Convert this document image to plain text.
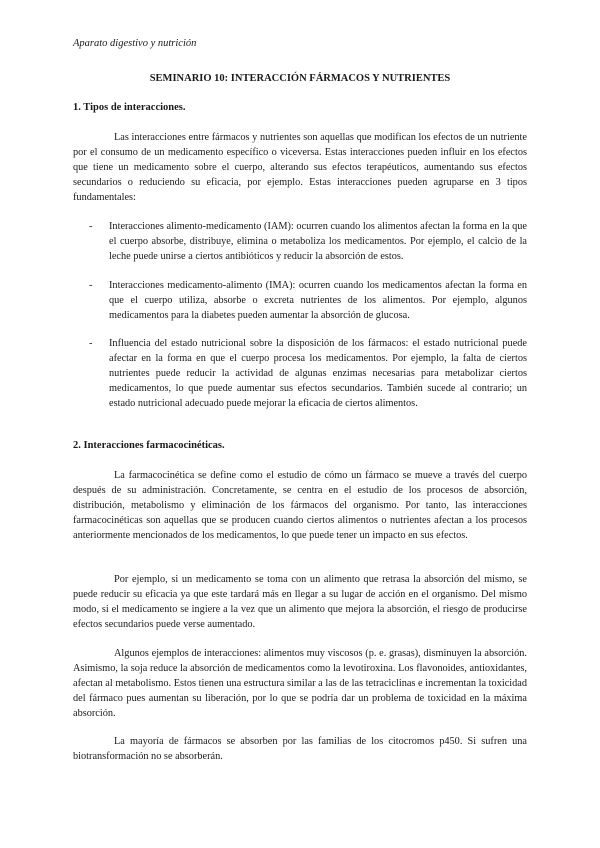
Aparato digestivo y nutrición
SEMINARIO 10: INTERACCIÓN FÁRMACOS Y NUTRIENTES
1. Tipos de interacciones.

Las interacciones entre fármacos y nutrientes son aquellas que modifican los efectos de un nutriente por el consumo de un medicamento específico o viceversa. Estas interacciones pueden influir en los efectos que tiene un medicamento sobre el cuerpo, alterando sus efectos terapéuticos, aumentando sus efectos secundarios o reduciendo su eficacia, por ejemplo. Estas interacciones pueden agruparse en 3 tipos fundamentales:

- Interacciones alimento-medicamento (IAM): ocurren cuando los alimentos afectan la forma en la que el cuerpo absorbe, distribuye, elimina o metaboliza los medicamentos. Por ejemplo, el calcio de la leche puede unirse a ciertos antibióticos y reducir la absorción de estos.
- Interacciones medicamento-alimento (IMA): ocurren cuando los medicamentos afectan la forma en que el cuerpo utiliza, absorbe o excreta nutrientes de los alimentos. Por ejemplo, algunos medicamentos para la diabetes pueden aumentar la absorción de glucosa.
- Influencia del estado nutricional sobre la disposición de los fármacos: el estado nutricional puede afectar en la forma en que el cuerpo procesa los medicamentos. Por ejemplo, la falta de ciertos nutrientes puede reducir la actividad de algunas enzimas necesarias para metabolizar ciertos medicamentos, lo que puede aumentar sus efectos secundarios. También sucede al contrario; un estado nutricional adecuado puede mejorar la eficacia de ciertos alimentos.
2. Interacciones farmacocinéticas.

La farmacocinética se define como el estudio de cómo un fármaco se mueve a través del cuerpo después de su administración. Concretamente, se centra en el estudio de los procesos de absorción, distribución, metabolismo y eliminación de los fármacos del organismo. Por tanto, las interacciones farmacocinéticas son aquellas que se producen cuando ciertos alimentos o nutrientes afectan a los procesos anteriormente mencionados de los medicamentos, lo que puede tener un impacto en sus efectos.

Por ejemplo, si un medicamento se toma con un alimento que retrasa la absorción del mismo, se puede reducir su eficacia ya que este tardará más en llegar a su lugar de acción en el organismo. Del mismo modo, si el medicamento se ingiere a la vez que un alimento que mejora la absorción, el riesgo de producirse efectos secundarios puede verse aumentado.

Algunos ejemplos de interacciones: alimentos muy viscosos (p. e. grasas), disminuyen la absorción. Asimismo, la soja reduce la absorción de medicamentos como la levotiroxina. Los flavonoides, antioxidantes, afectan al metabolismo. Estos tienen una estructura similar a las de las tetraciclinas e incrementan la toxicidad del fármaco pues aumentan su liberación, por lo que se podría dar un problema de toxicidad en la máxima absorción.

La mayoría de fármacos se absorben por las familias de los citocromos p450. Si sufren una biotransformación no se absorberán.
